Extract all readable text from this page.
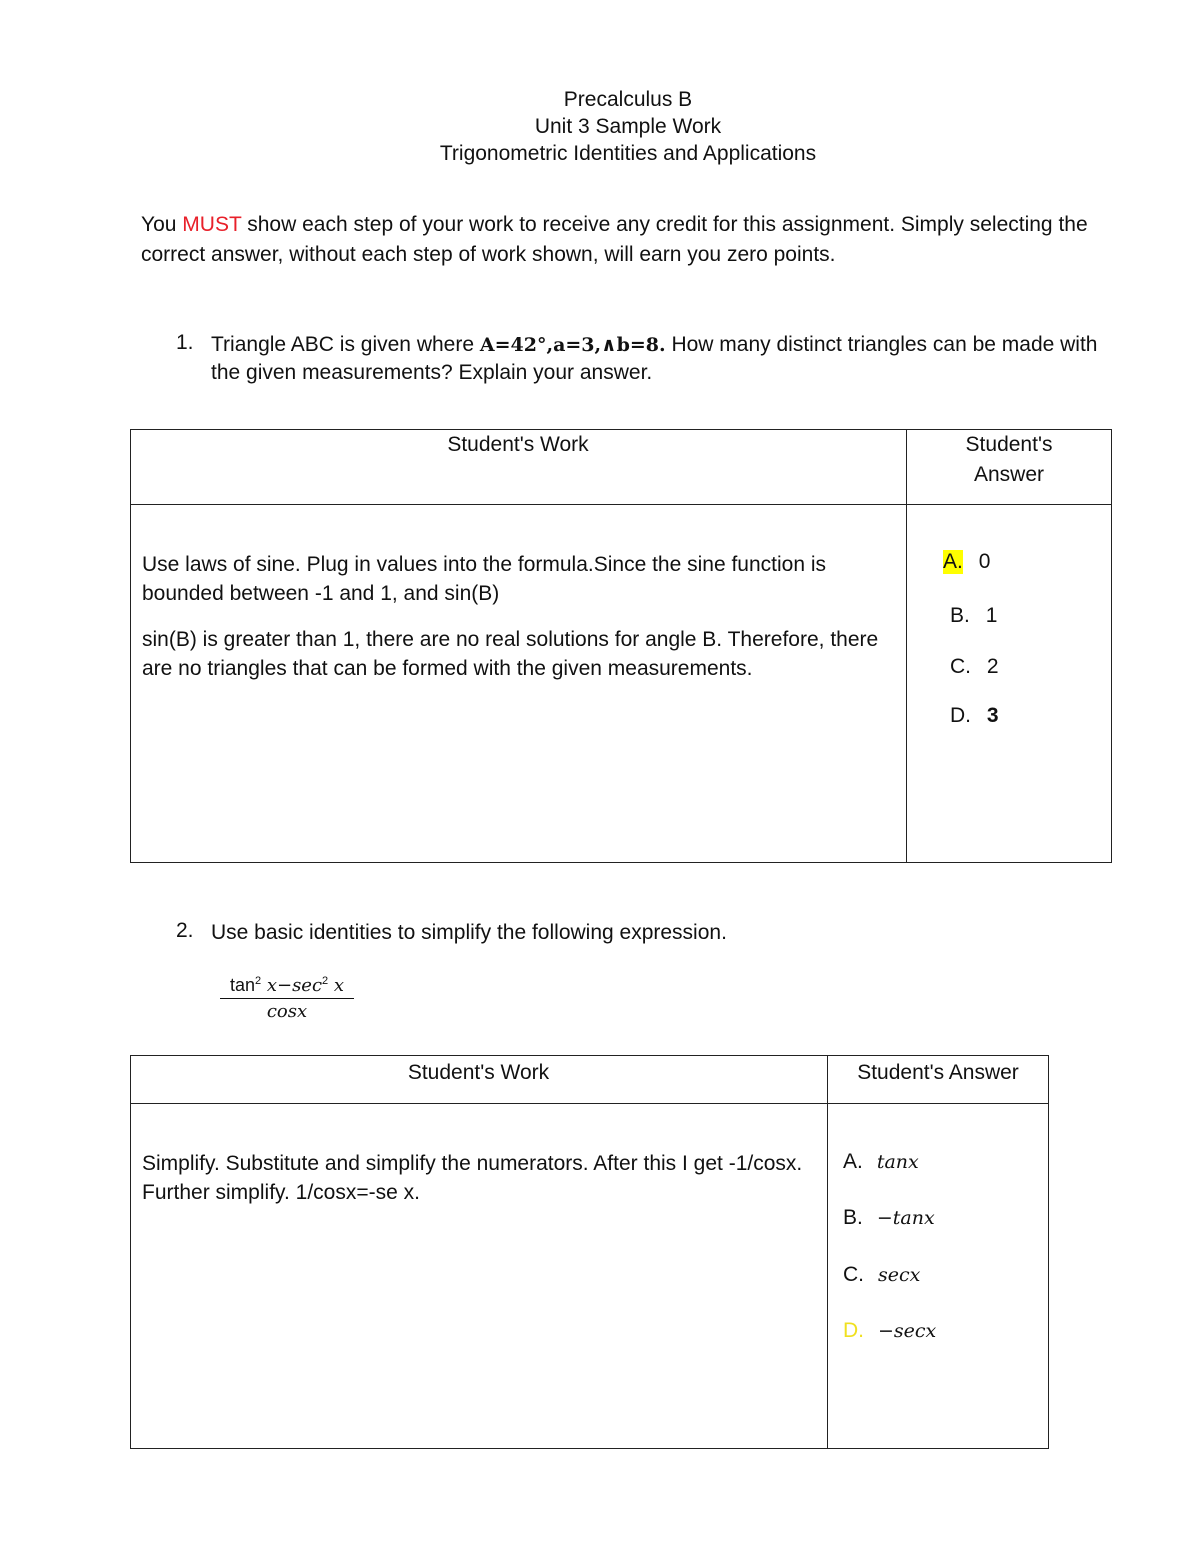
Precalculus B
Unit 3 Sample Work
Trigonometric Identities and Applications
You MUST show each step of your work to receive any credit for this assignment. Simply selecting the correct answer, without each step of work shown, will earn you zero points.
1. Triangle ABC is given where A=42°,a=3,∧b=8. How many distinct triangles can be made with the given measurements? Explain your answer.
Student's Work	Student's
Answer
Use laws of sine. Plug in values into the formula.Since the sine function is bounded between -1 and 1, and sin(B)
sin(B) is greater than 1, there are no real solutions for angle B. Therefore, there are no triangles that can be formed with the given measurements.
A. 0
B. 1
C. 2
D. 3
2. Use basic identities to simplify the following expression.
$\tan^2 x-\sec^2$ x
cosx
Student's Work	Student's Answer
Simplify. Substitute and simplify the numerators. After this I get -1/cosx. Further simplify. 1/cosx=-se x.
A. tanx
B. −tanx
C. secx
D. −secx
